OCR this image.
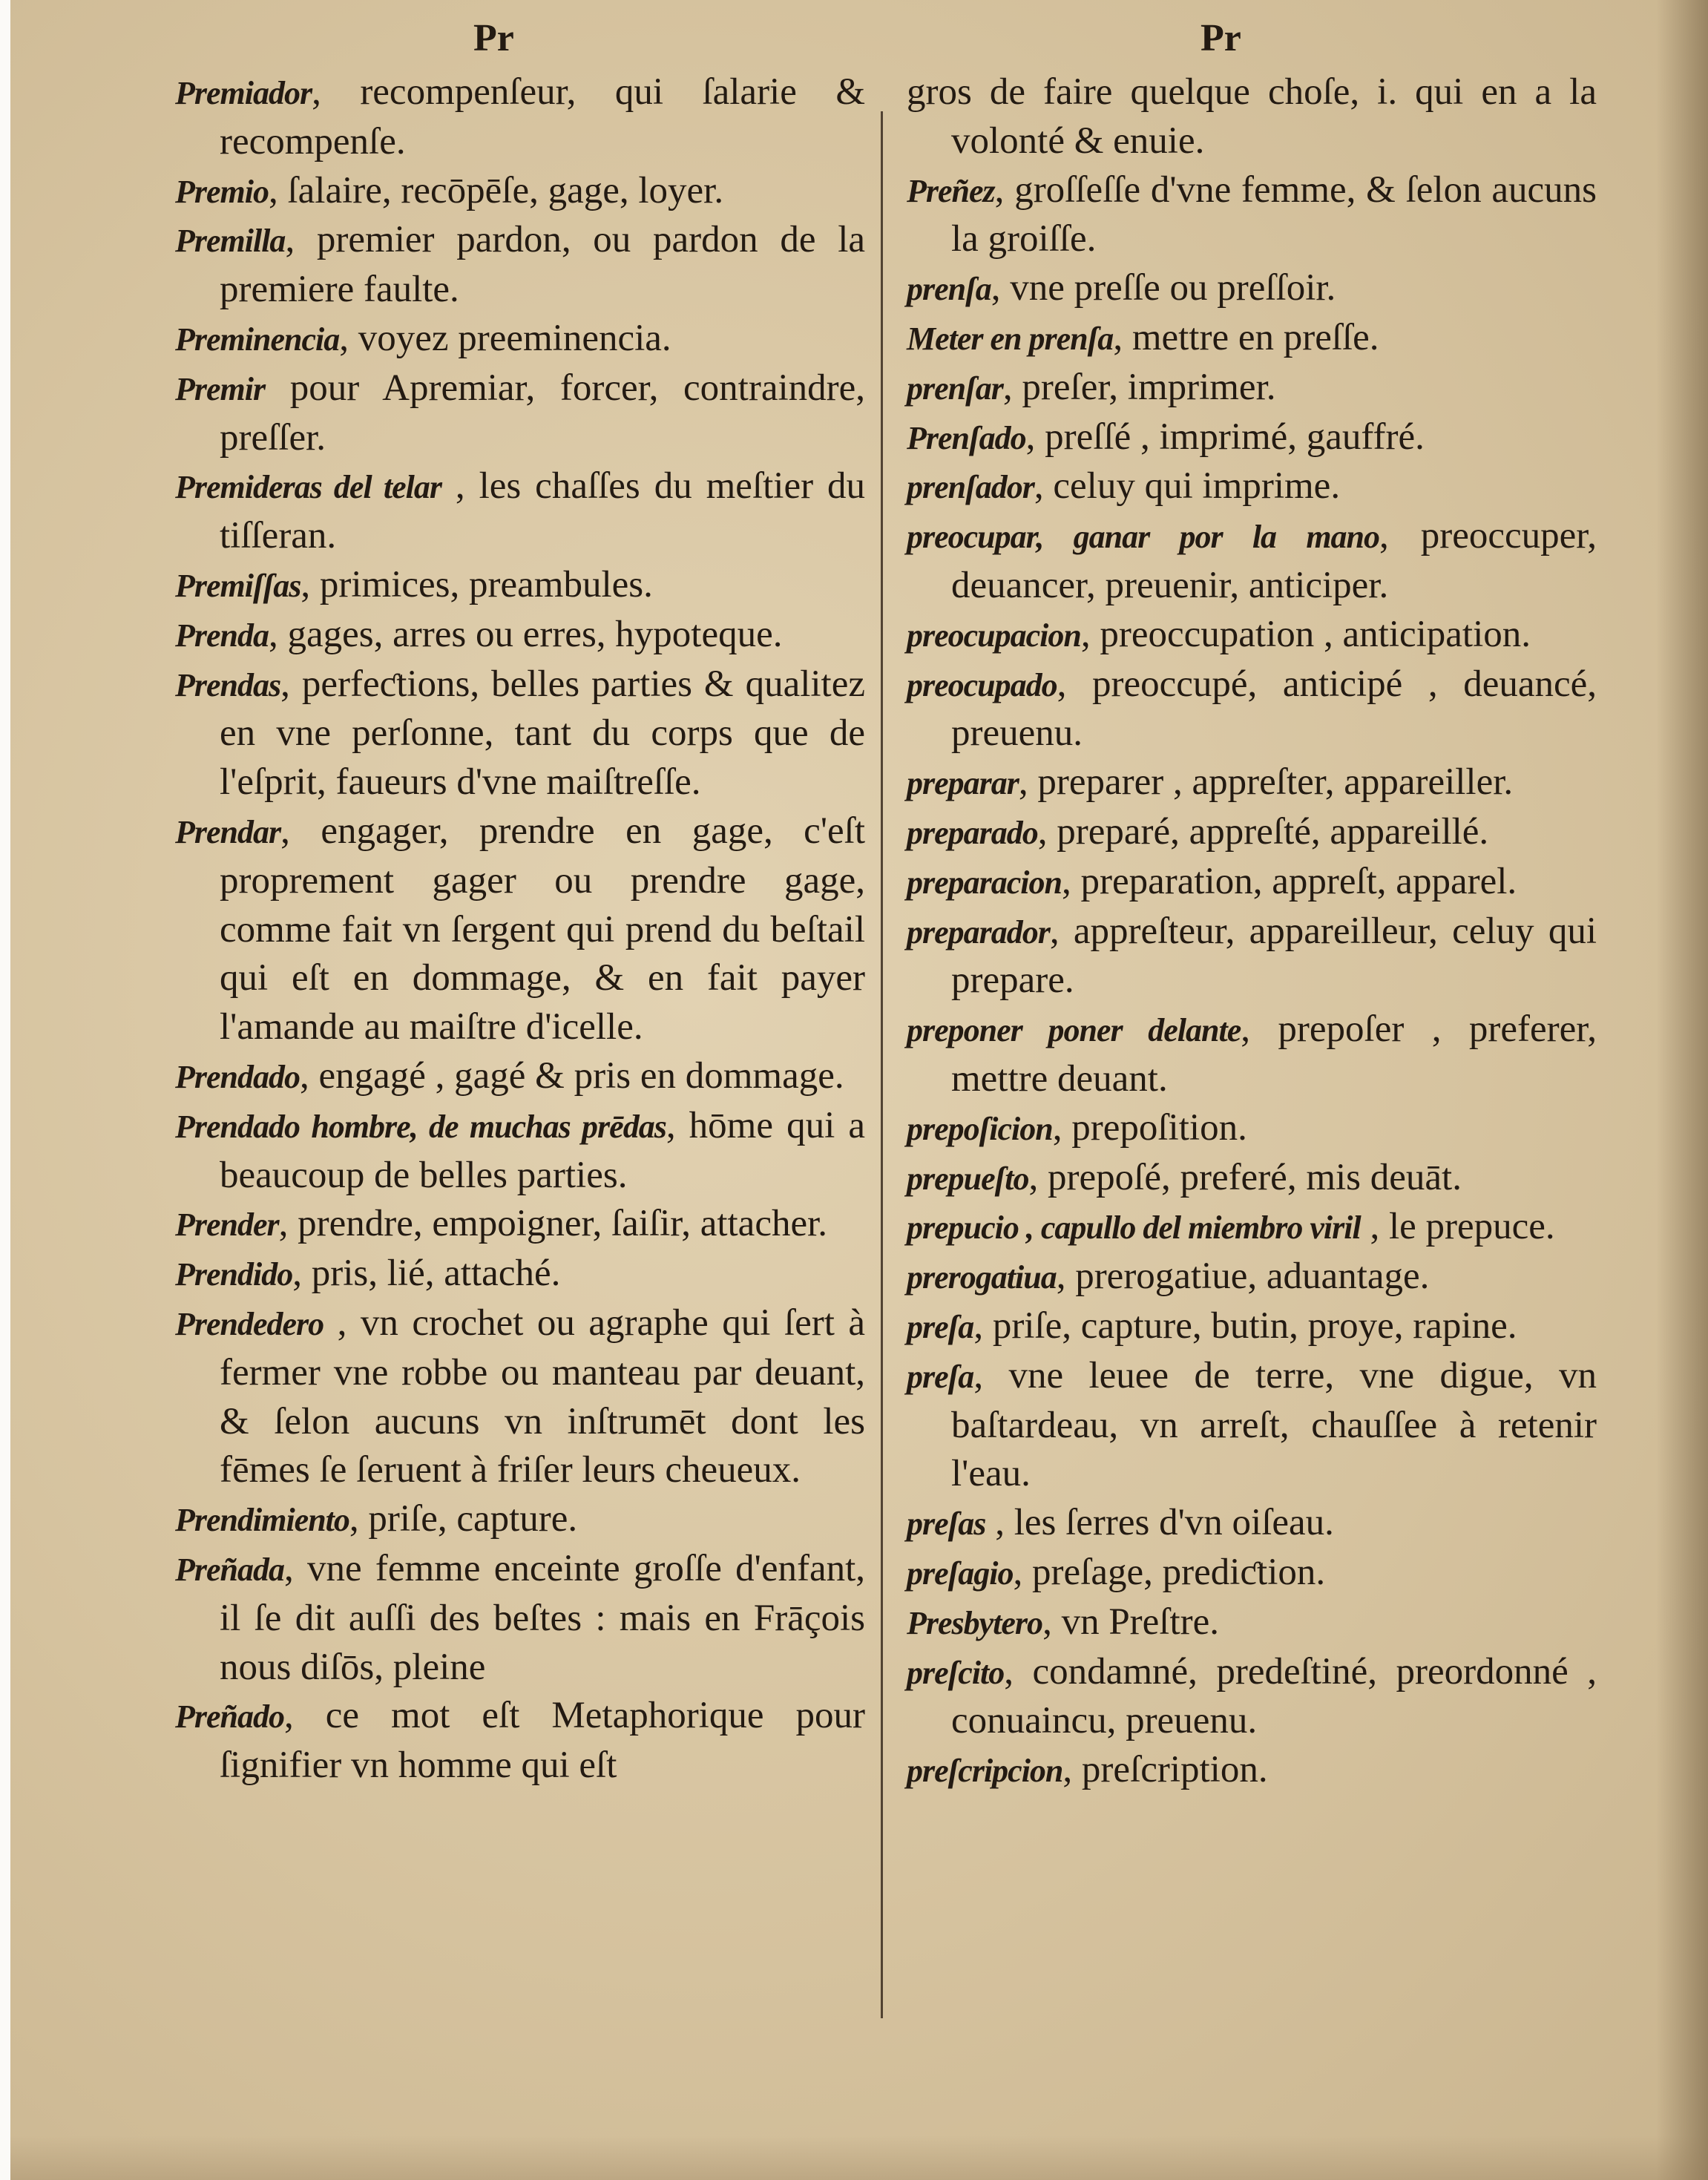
Pr	Pr
Premiador, recompenſeur, qui ſalarie & recompenſe.
Premio, ſalaire, recōpēſe, gage, loyer.
Premilla, premier pardon, ou pardon de la premiere faulte.
Preminencia, voyez preeminencia.
Premir pour Apremiar, forcer, contraindre, preſſer.
Premideras del telar , les chaſſes du meſtier du tiſſeran.
Premiſſas, primices, preambules.
Prenda, gages, arres ou erres, hypoteque.
Prendas, perfeƈtions, belles parties & qualitez en vne perſonne, tant du corps que de l'eſprit, faueurs d'vne maiſtreſſe.
Prendar, engager, prendre en gage, c'eſt proprement gager ou prendre gage, comme fait vn ſergent qui prend du beſtail qui eſt en dommage, & en fait payer l'amande au maiſtre d'icelle.
Prendado, engagé , gagé & pris en dommage.
Prendado hombre, de muchas prēdas, hōme qui a beaucoup de belles parties.
Prender, prendre, empoigner, ſaiſir, attacher.
Prendido, pris, lié, attaché.
Prendedero , vn crochet ou agraphe qui ſert à fermer vne robbe ou manteau par deuant, & ſelon aucuns vn inſtrumēt dont les fēmes ſe ſeruent à friſer leurs cheueux.
Prendimiento, priſe, capture.
Preñada, vne femme enceinte groſſe d'enfant, il ſe dit auſſi des beſtes : mais en Frāçois nous diſōs, pleine
Preñado, ce mot eſt Metaphorique pour ſignifier vn homme qui eſt
gros de faire quelque choſe, i. qui en a la volonté & enuie.
Preñez, groſſeſſe d'vne femme, & ſelon aucuns la groiſſe.
prenſa, vne preſſe ou preſſoir.
Meter en prenſa, mettre en preſſe.
prenſar, preſer, imprimer.
Prenſado, preſſé , imprimé, gauffré.
prenſador, celuy qui imprime.
preocupar, ganar por la mano, preoccuper, deuancer, preuenir, anticiper.
preocupacion, preoccupation , anticipation.
preocupado, preoccupé, anticipé , deuancé, preuenu.
preparar, preparer , appreſter, appareiller.
preparado, preparé, appreſté, appareillé.
preparacion, preparation, appreſt, apparel.
preparador, appreſteur, appareilleur, celuy qui prepare.
preponer poner delante, prepoſer , preferer, mettre deuant.
prepoſicion, prepoſition.
prepueſto, prepoſé, preferé, mis deuāt.
prepucio , capullo del miembro viril , le prepuce.
prerogatiua, prerogatiue, aduantage.
preſa, priſe, capture, butin, proye, rapine.
preſa, vne leuee de terre, vne digue, vn baſtardeau, vn arreſt, chauſſee à retenir l'eau.
preſas , les ſerres d'vn oiſeau.
preſagio, preſage, prediƈtion.
Presbytero, vn Preſtre.
preſcito, condamné, predeſtiné, preordonné , conuaincu, preuenu.
preſcripcion, preſcription.
